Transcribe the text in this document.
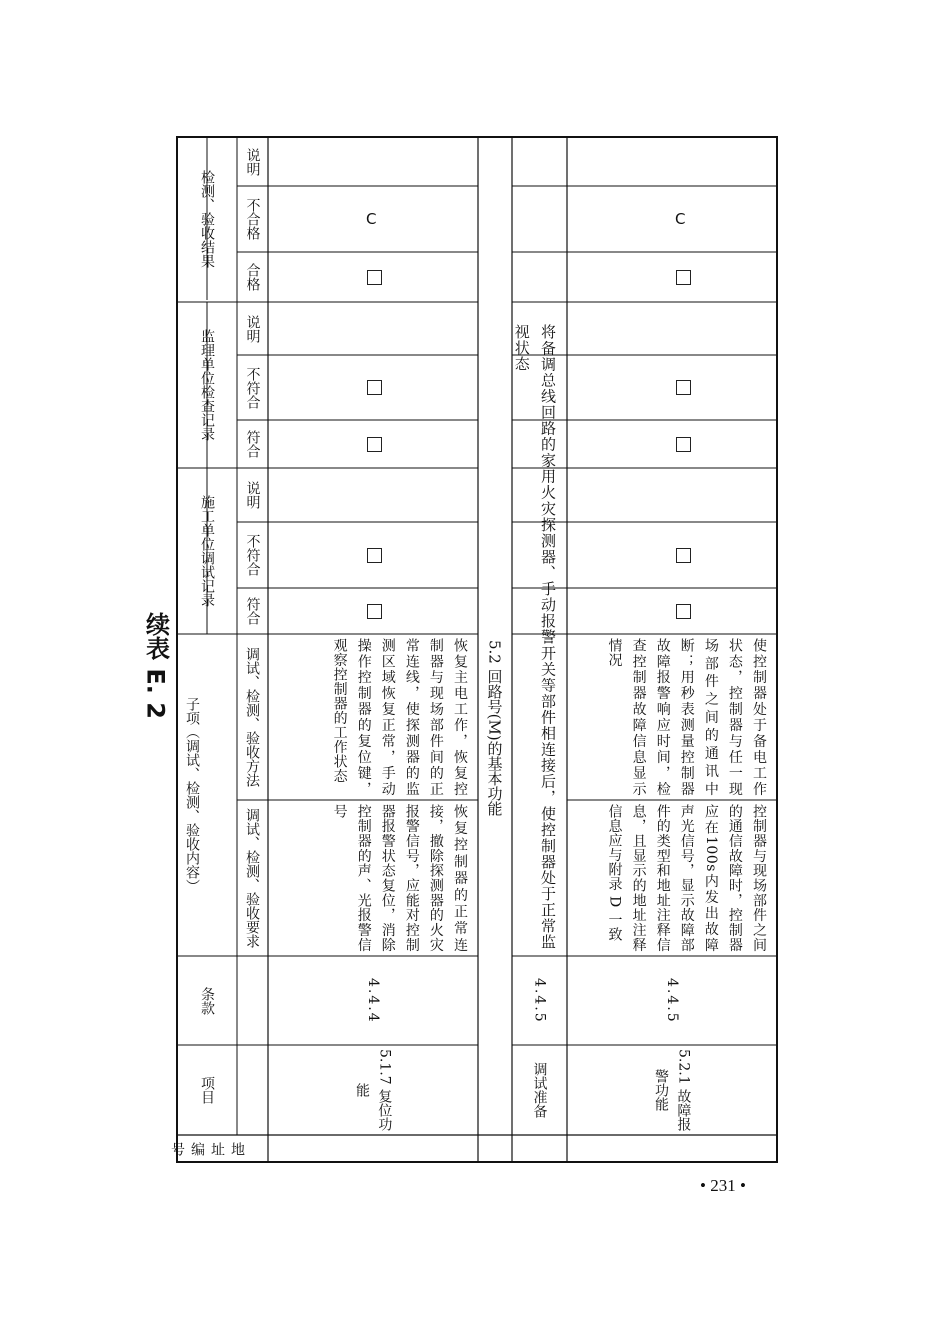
续表 E. 2
地址编号
项目
条款
子项（调试、检测、验收内容）	调试、检测、验收要求
调试、检测、验收方法
施工单位调试记录
符合
不符合
说明
监理单位检查记录
符合
不符合
说明
检测、验收结果
合格
不合格
说明
5.1.7 复位功能
4.4.4
恢复控制器的正常连接，撤除探测器的火灾报警信号，应能对控制器报警状态复位，消除控制器的声、光报警信号
恢复主电工作，恢复控制器与现场部件间的正常连线，使探测器的监测区域恢复正常，手动操作控制器的复位键，观察控制器的工作状态
C
5.2 回路号(M)的基本功能
调试准备
4.4.5
将备调总线回路的家用火灾探测器、手动报警开关等部件相连接后，使控制器处于正常监视状态
5.2.1 故障报警功能
4.4.5
控制器与现场部件之间的通信故障时，控制器应在100s内发出故障声光信号，显示故障部件的类型和地址注释信息，且显示的地址注释信息应与附录 D 一致
使控制器处于备电工作状态，控制器与任一现场部件之间的通讯中断；用秒表测量控制器故障报警响应时间，检查控制器故障信息显示情况
C
• 231 •
